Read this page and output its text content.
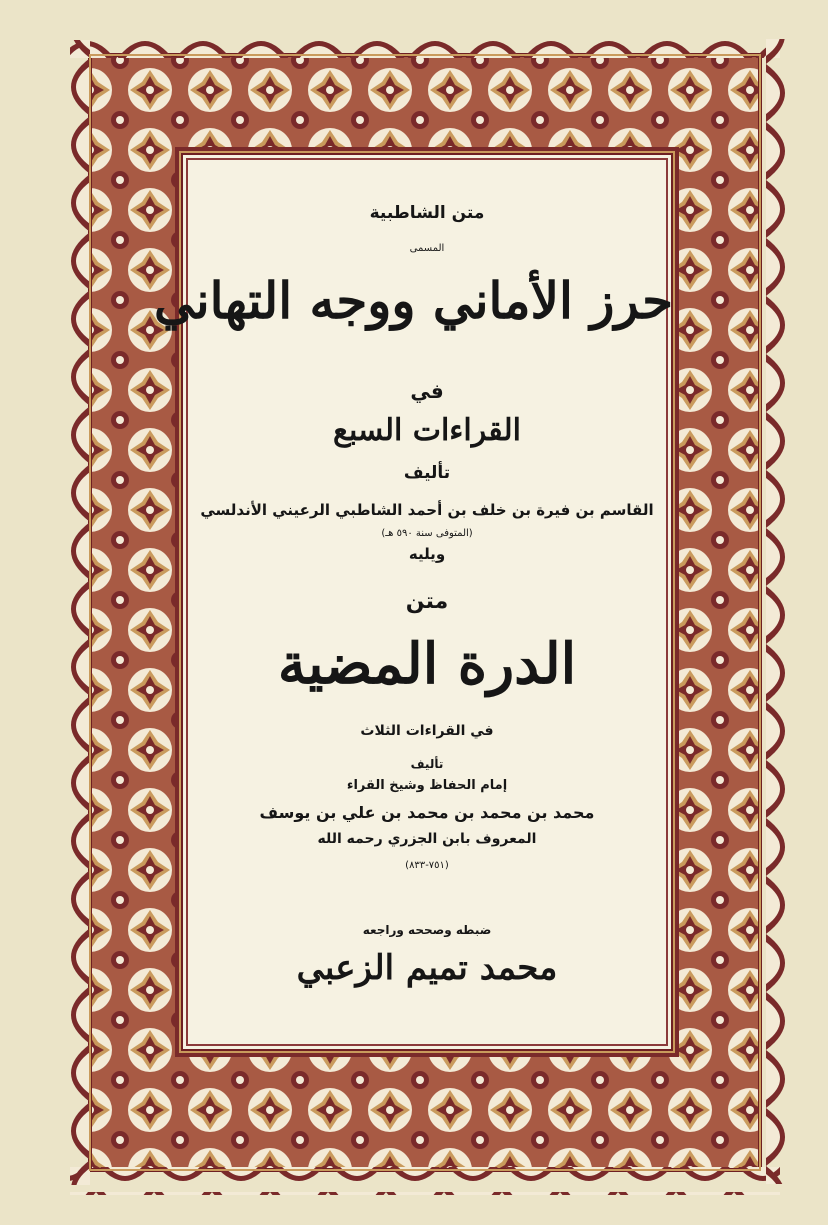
متن الشاطبية
المسمى
حرز الأماني ووجه التهاني
في
القراءات السبع
تأليف
القاسم بن فيرة بن خلف بن أحمد الشاطبي الرعيني الأندلسي
(المتوفى سنة ٥٩٠ هـ)
ويليه
متن
الدرة المضية
في القراءات الثلاث
تأليف
إمام الحفاظ وشيخ القراء
محمد بن محمد بن محمد بن علي بن يوسف
المعروف بابن الجزري رحمه الله
(٧٥١-٨٣٣)
ضبطه وصححه وراجعه
محمد تميم الزعبي
